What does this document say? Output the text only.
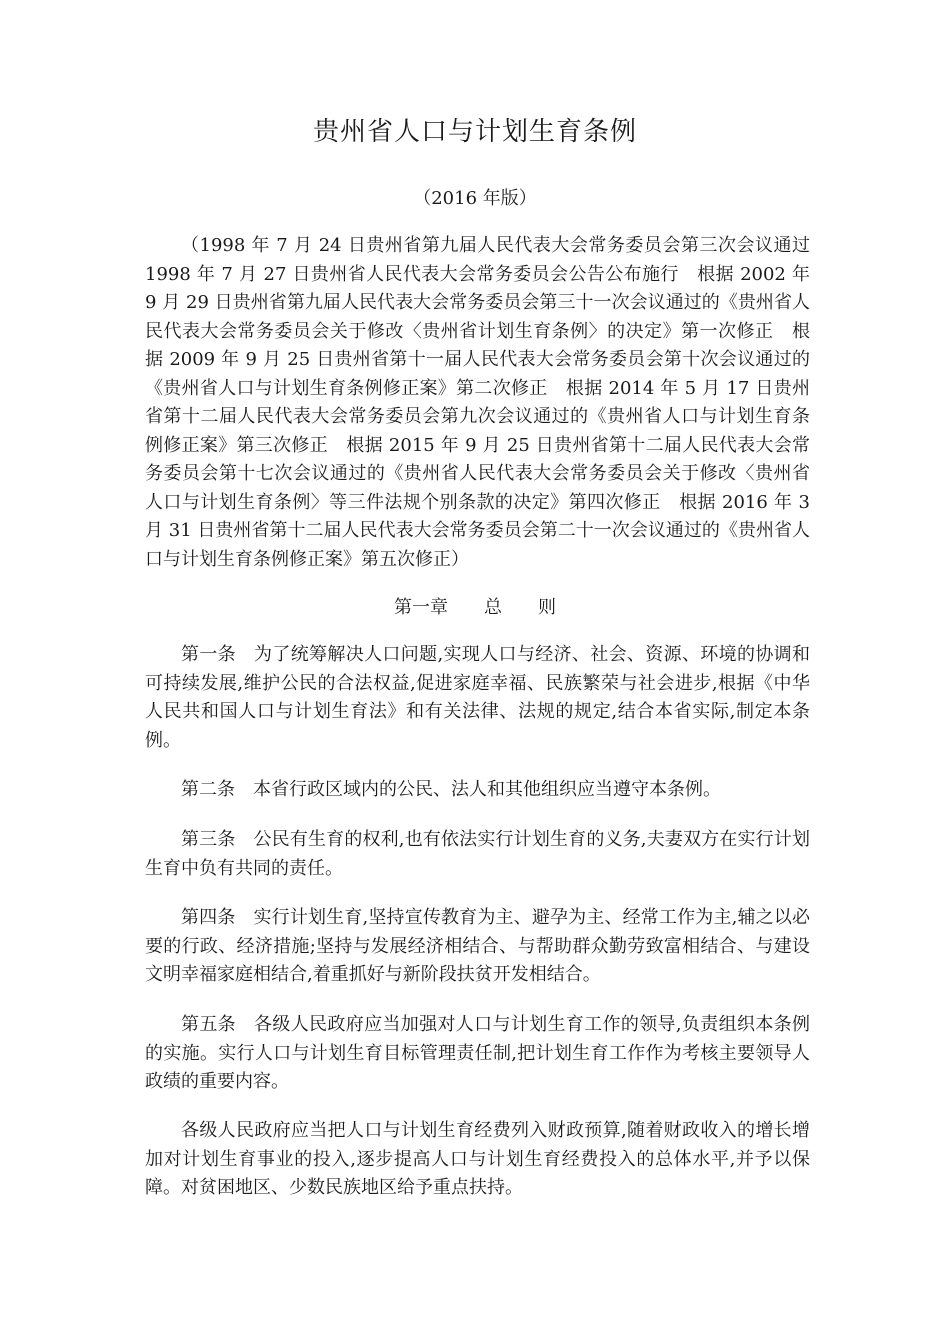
贵州省人口与计划生育条例
（2016 年版）

（1998 年 7 月 24 日贵州省第九届人民代表大会常务委员会第三次会议通过　1998 年 7 月 27 日贵州省人民代表大会常务委员会公告公布施行　根据 2002 年 9 月 29 日贵州省第九届人民代表大会常务委员会第三十一次会议通过的《贵州省人民代表大会常务委员会关于修改〈贵州省计划生育条例〉的决定》第一次修正　根据 2009 年 9 月 25 日贵州省第十一届人民代表大会常务委员会第十次会议通过的《贵州省人口与计划生育条例修正案》第二次修正　根据 2014 年 5 月 17 日贵州省第十二届人民代表大会常务委员会第九次会议通过的《贵州省人口与计划生育条例修正案》第三次修正　根据 2015 年 9 月 25 日贵州省第十二届人民代表大会常务委员会第十七次会议通过的《贵州省人民代表大会常务委员会关于修改〈贵州省人口与计划生育条例〉等三件法规个别条款的决定》第四次修正　根据 2016 年 3 月 31 日贵州省第十二届人民代表大会常务委员会第二十一次会议通过的《贵州省人口与计划生育条例修正案》第五次修正）

第一章　　总　　则

第一条 为了统筹解决人口问题,实现人口与经济、社会、资源、环境的协调和可持续发展,维护公民的合法权益,促进家庭幸福、民族繁荣与社会进步,根据《中华人民共和国人口与计划生育法》和有关法律、法规的规定,结合本省实际,制定本条例。

第二条 本省行政区域内的公民、法人和其他组织应当遵守本条例。

第三条 公民有生育的权利,也有依法实行计划生育的义务,夫妻双方在实行计划生育中负有共同的责任。

第四条 实行计划生育,坚持宣传教育为主、避孕为主、经常工作为主,辅之以必要的行政、经济措施;坚持与发展经济相结合、与帮助群众勤劳致富相结合、与建设文明幸福家庭相结合,着重抓好与新阶段扶贫开发相结合。

第五条 各级人民政府应当加强对人口与计划生育工作的领导,负责组织本条例的实施。实行人口与计划生育目标管理责任制,把计划生育工作作为考核主要领导人政绩的重要内容。

各级人民政府应当把人口与计划生育经费列入财政预算,随着财政收入的增长增加对计划生育事业的投入,逐步提高人口与计划生育经费投入的总体水平,并予以保障。对贫困地区、少数民族地区给予重点扶持。
